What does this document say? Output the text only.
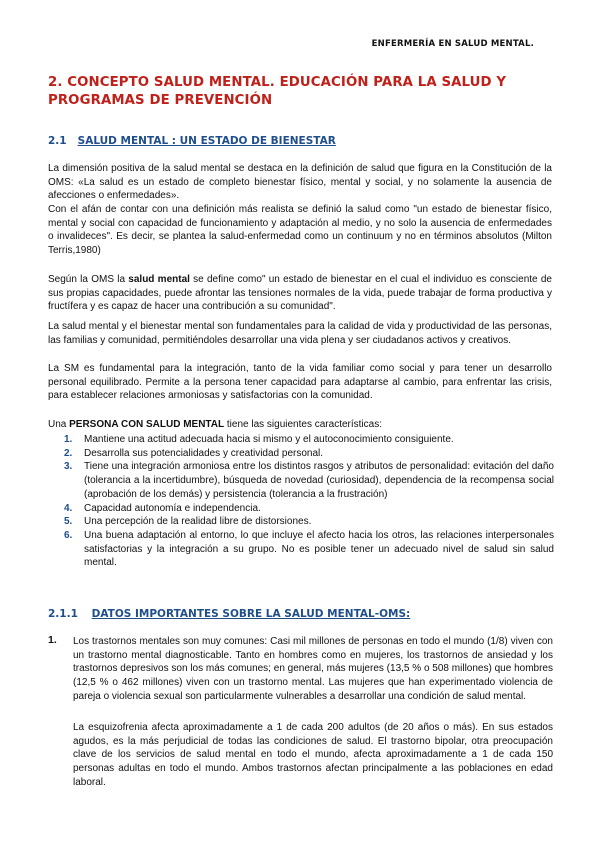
ENFERMERÍA EN SALUD MENTAL.
2. CONCEPTO SALUD MENTAL. EDUCACIÓN PARA LA SALUD Y PROGRAMAS DE PREVENCIÓN
2.1 SALUD MENTAL : UN ESTADO DE BIENESTAR

La dimensión positiva de la salud mental se destaca en la definición de salud que figura en la Constitución de la OMS: «La salud es un estado de completo bienestar físico, mental y social, y no solamente la ausencia de afecciones o enfermedades».

Con el afán de contar con una definición más realista se definió la salud como "un estado de bienestar físico, mental y social con capacidad de funcionamiento y adaptación al medio, y no solo la ausencia de enfermedades o invalideces". Es decir, se plantea la salud-enfermedad como un continuum y no en términos absolutos (Milton Terris,1980)

Según la OMS la salud mental se define como" un estado de bienestar en el cual el individuo es consciente de sus propias capacidades, puede afrontar las tensiones normales de la vida, puede trabajar de forma productiva y fructífera y es capaz de hacer una contribución a su comunidad".

La salud mental y el bienestar mental son fundamentales para la calidad de vida y productividad de las personas, las familias y comunidad, permitiéndoles desarrollar una vida plena y ser ciudadanos activos y creativos.

La SM es fundamental para la integración, tanto de la vida familiar como social y para tener un desarrollo personal equilibrado. Permite a la persona tener capacidad para adaptarse al cambio, para enfrentar las crisis, para establecer relaciones armoniosas y satisfactorias con la comunidad.

Una PERSONA CON SALUD MENTAL tiene las siguientes características:

1. Mantiene una actitud adecuada hacia si mismo y el autoconocimiento consiguiente.
2. Desarrolla sus potencialidades y creatividad personal.
3. Tiene una integración armoniosa entre los distintos rasgos y atributos de personalidad: evitación del daño (tolerancia a la incertidumbre), búsqueda de novedad (curiosidad), dependencia de la recompensa social (aprobación de los demás) y persistencia (tolerancia a la frustración)
4. Capacidad autonomía e independencia.
5. Una percepción de la realidad libre de distorsiones.
6. Una buena adaptación al entorno, lo que incluye el afecto hacia los otros, las relaciones interpersonales satisfactorias y la integración a su grupo. No es posible tener un adecuado nivel de salud sin salud mental.
2.1.1 DATOS IMPORTANTES SOBRE LA SALUD MENTAL-OMS:
1. Los trastornos mentales son muy comunes: Casi mil millones de personas en todo el mundo (1/8) viven con un trastorno mental diagnosticable. Tanto en hombres como en mujeres, los trastornos de ansiedad y los trastornos depresivos son los más comunes; en general, más mujeres (13,5 % o 508 millones) que hombres (12,5 % o 462 millones) viven con un trastorno mental. Las mujeres que han experimentado violencia de pareja o violencia sexual son particularmente vulnerables a desarrollar una condición de salud mental.

La esquizofrenia afecta aproximadamente a 1 de cada 200 adultos (de 20 años o más). En sus estados agudos, es la más perjudicial de todas las condiciones de salud. El trastorno bipolar, otra preocupación clave de los servicios de salud mental en todo el mundo, afecta aproximadamente a 1 de cada 150 personas adultas en todo el mundo. Ambos trastornos afectan principalmente a las poblaciones en edad laboral.
